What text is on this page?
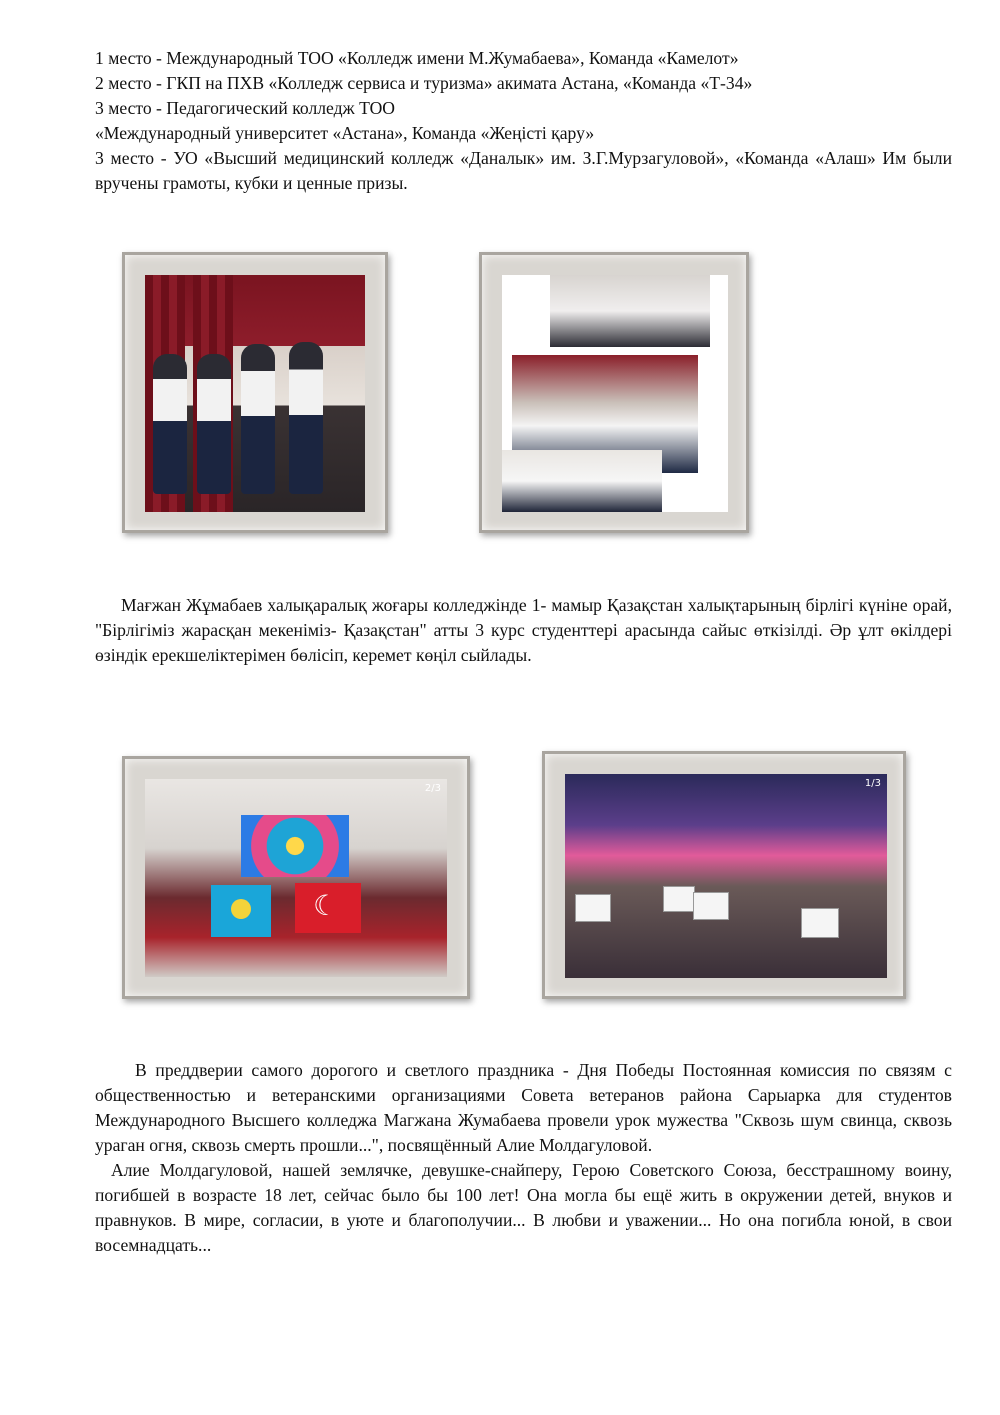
1 место - Международный ТОО «Колледж имени М.Жумабаева», Команда «Камелот»

2 место - ГКП на ПХВ «Колледж сервиса и туризма» акимата Астана, «Команда «Т-34»

3 место - Педагогический колледж ТОО

«Международный университет «Астана», Команда «Жеңісті қару»

3 место - УО «Высший медицинский колледж «Даналык» им. З.Г.Мурзагуловой», «Команда «Алаш» Им были вручены грамоты, кубки и ценные призы.

Мағжан Жұмабаев халықаралық жоғары колледжінде 1- мамыр Қазақстан халықтарының бірлігі күніне орай, "Бірлігіміз жарасқан мекеніміз- Қазақстан" атты 3 курс студенттері арасында сайыс өткізілді. Әр ұлт өкілдері өзіндік ерекшеліктерімен бөлісіп, керемет көңіл сыйлады.

☾
2/3	1/3

В преддверии самого дорогого и светлого праздника - Дня Победы Постоянная комиссия по связям с общественностью и ветеранскими организациями Совета ветеранов района Сарыарка для студентов Международного Высшего колледжа Магжана Жумабаева провели урок мужества "Сквозь шум свинца, сквозь ураган огня, сквозь смерть прошли...", посвящённый Алие Молдагуловой.

Алие Молдагуловой, нашей землячке, девушке-снайперу, Герою Советского Союза, бесстрашному воину, погибшей в возрасте 18 лет, сейчас было бы 100 лет! Она могла бы ещё жить в окружении детей, внуков и правнуков. В мире, согласии, в уюте и благополучии... В любви и уважении... Но она погибла юной, в свои восемнадцать...
